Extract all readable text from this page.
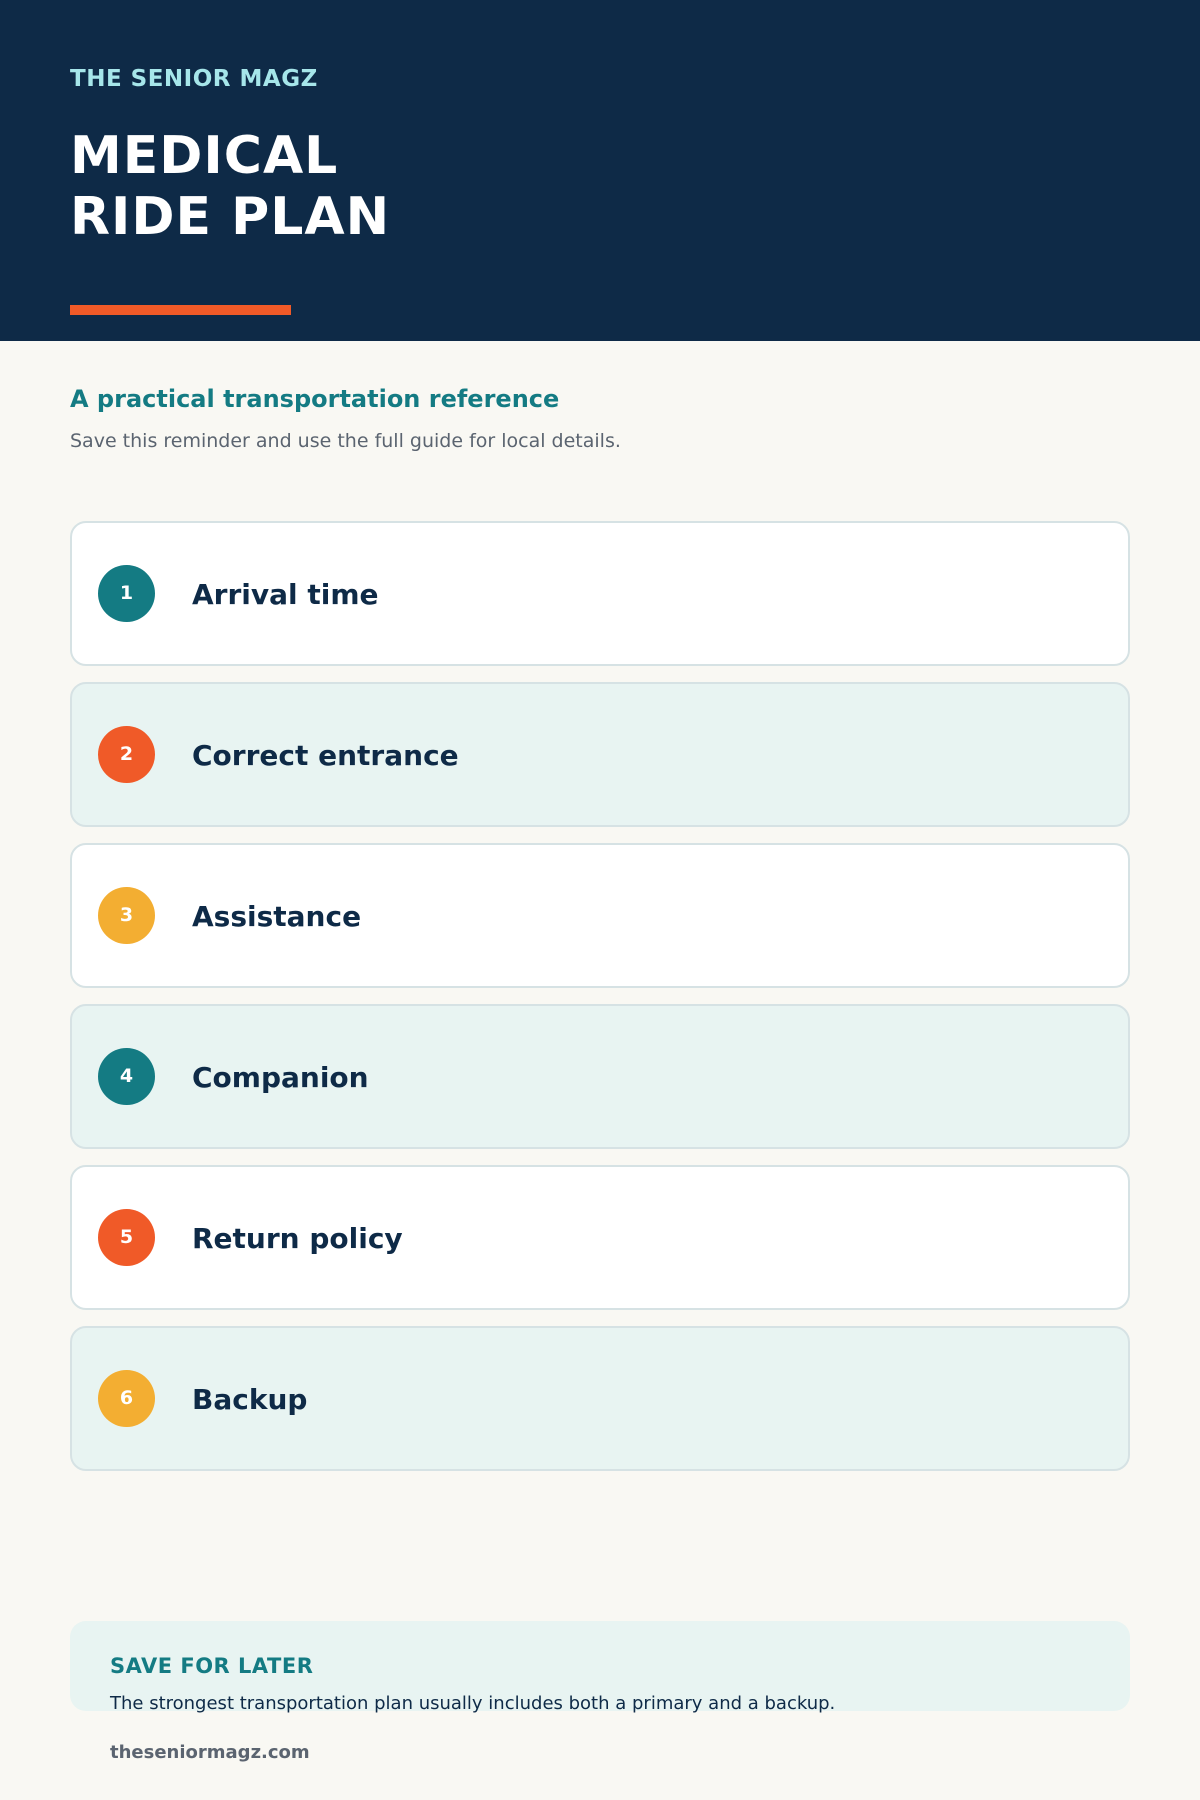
THE SENIOR MAGZ
MEDICAL
RIDE PLAN
A practical transportation reference
Save this reminder and use the full guide for local details.
1	Arrival time
2	Correct entrance
3	Assistance
4	Companion
5	Return policy
6	Backup
SAVE FOR LATER
The strongest transportation plan usually includes both a primary and a backup.
theseniormagz.com
